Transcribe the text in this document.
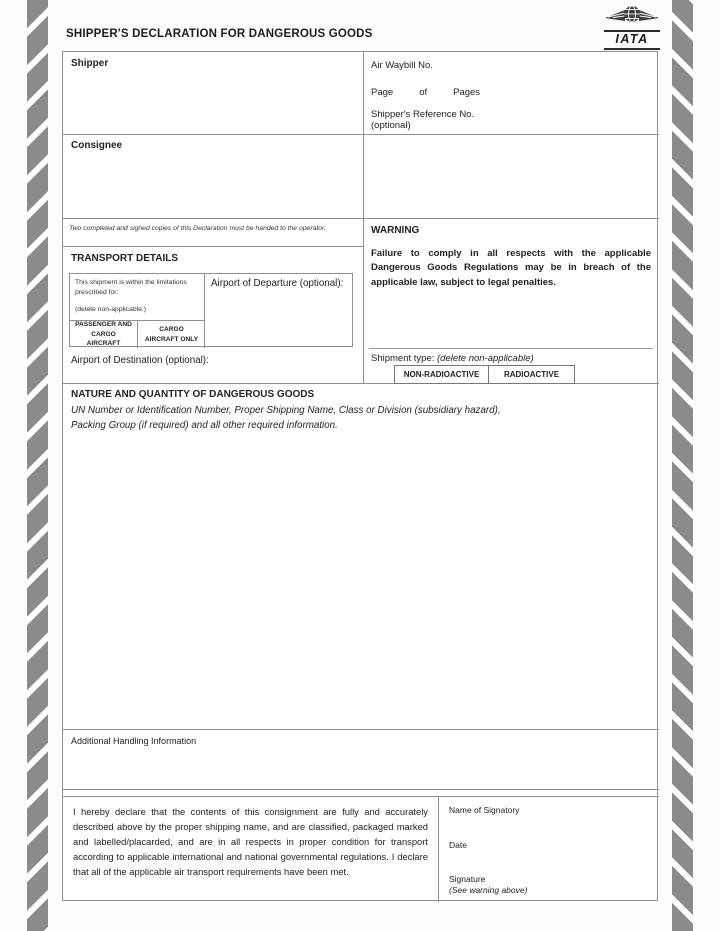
SHIPPER'S DECLARATION FOR DANGEROUS GOODS	IATA
Shipper	Air Waybill No.
Page	of	Pages
Shipper's Reference No.
(optional)
Consignee
Two completed and signed copies of this Declaration must be handed to the operator.
TRANSPORT DETAILS
This shipment is within the limitations prescribed for:
(delete non-applicable.)
PASSENGER AND CARGO AIRCRAFT
CARGO AIRCRAFT ONLY
Airport of Departure (optional):
Airport of Destination (optional):
WARNING
Failure to comply in all respects with the applicable Dangerous Goods Regulations may be in breach of the applicable law, subject to legal penalties.
Shipment type: (delete non-applicable)
NON-RADIOACTIVE	RADIOACTIVE
NATURE AND QUANTITY OF DANGEROUS GOODS
UN Number or Identification Number, Proper Shipping Name, Class or Division (subsidiary hazard),
Packing Group (if required) and all other required information.
Additional Handling Information
I hereby declare that the contents of this consignment are fully and accurately described above by the proper shipping name, and are classified, packaged marked and labelled/placarded, and are in all respects in proper condition for transport according to applicable international and national governmental regulations. I declare that all of the applicable air transport requirements have been met.
Name of Signatory
Date
Signature
(See warning above)
